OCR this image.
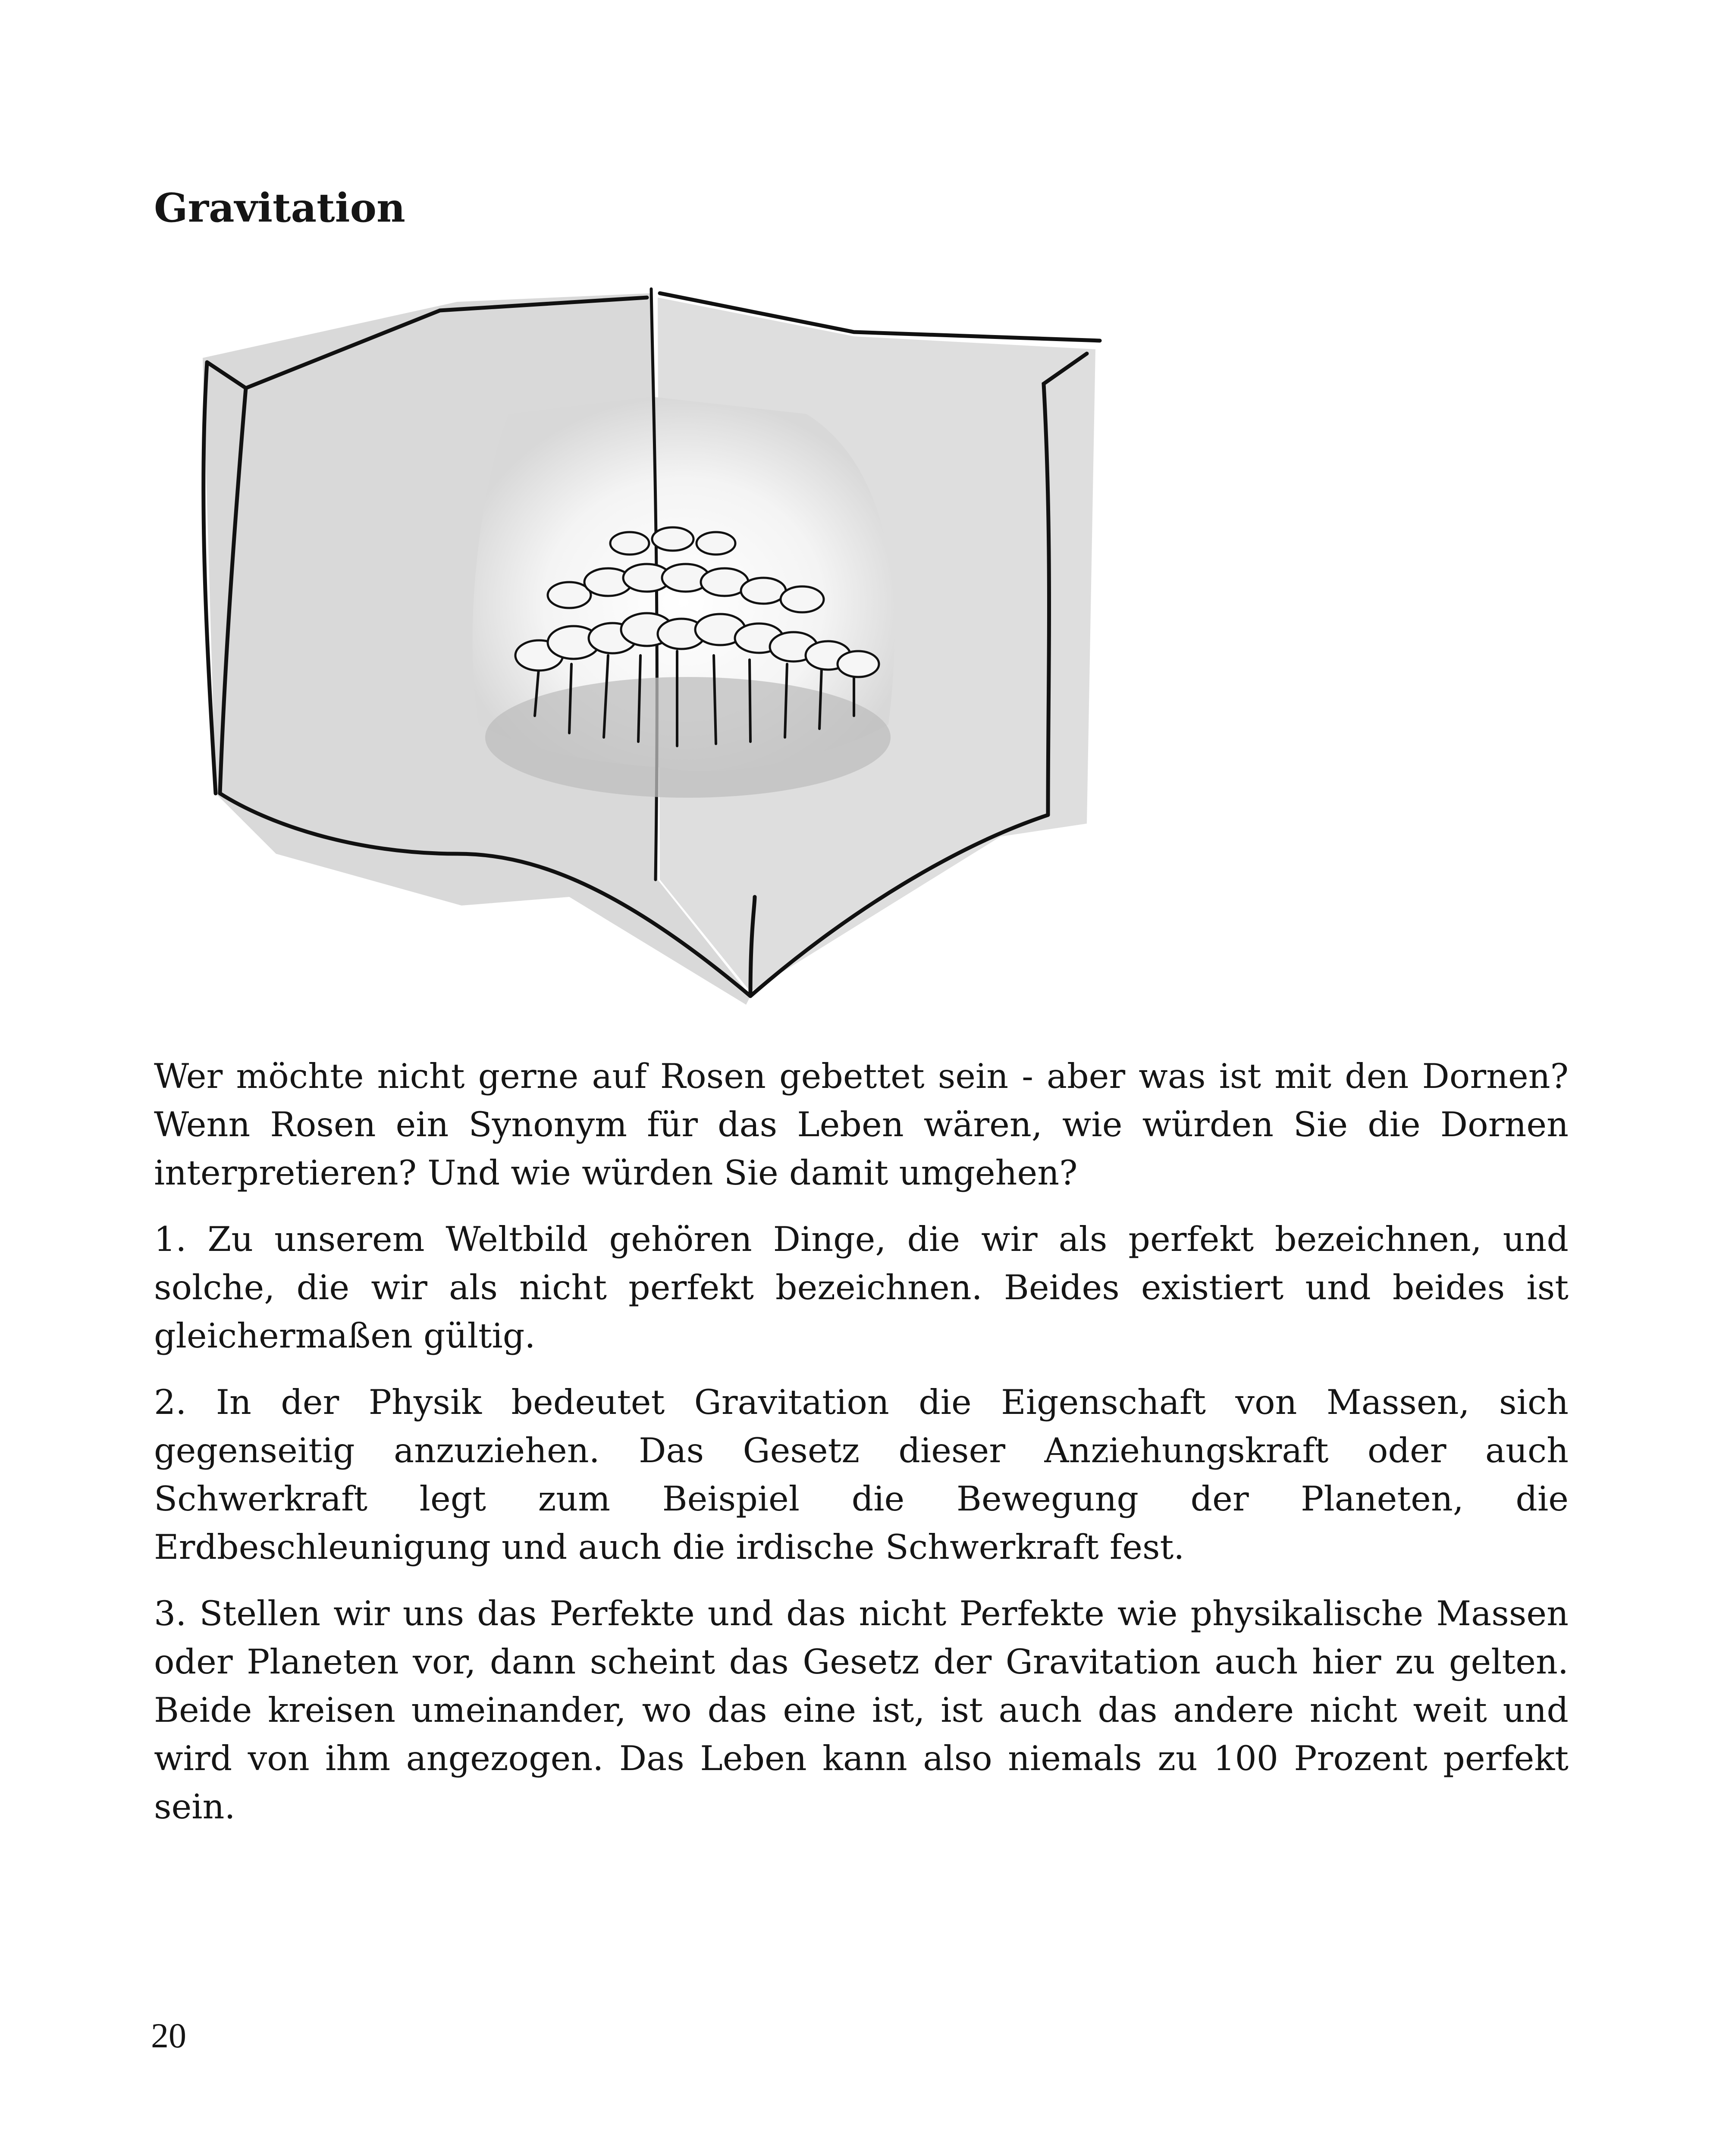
Gravitation

Wer möchte nicht gerne auf Rosen gebettet sein - aber was ist mit den Dornen? Wenn Rosen ein Synonym für das Leben wären, wie würden Sie die Dornen interpretieren? Und wie würden Sie damit umgehen?

1. Zu unserem Weltbild gehören Dinge, die wir als perfekt bezeichnen, und solche, die wir als nicht perfekt bezeichnen. Beides existiert und beides ist gleichermaßen gültig.

2. In der Physik bedeutet Gravitation die Eigenschaft von Massen, sich gegenseitig anzuziehen. Das Gesetz dieser Anziehungskraft oder auch Schwerkraft legt zum Beispiel die Bewegung der Planeten, die Erdbeschleunigung und auch die irdische Schwerkraft fest.

3. Stellen wir uns das Perfekte und das nicht Perfekte wie physikalische Massen oder Planeten vor, dann scheint das Gesetz der Gravitation auch hier zu gelten. Beide kreisen umeinander, wo das eine ist, ist auch das andere nicht weit und wird von ihm angezogen. Das Leben kann also niemals zu 100 Prozent perfekt sein.

20
